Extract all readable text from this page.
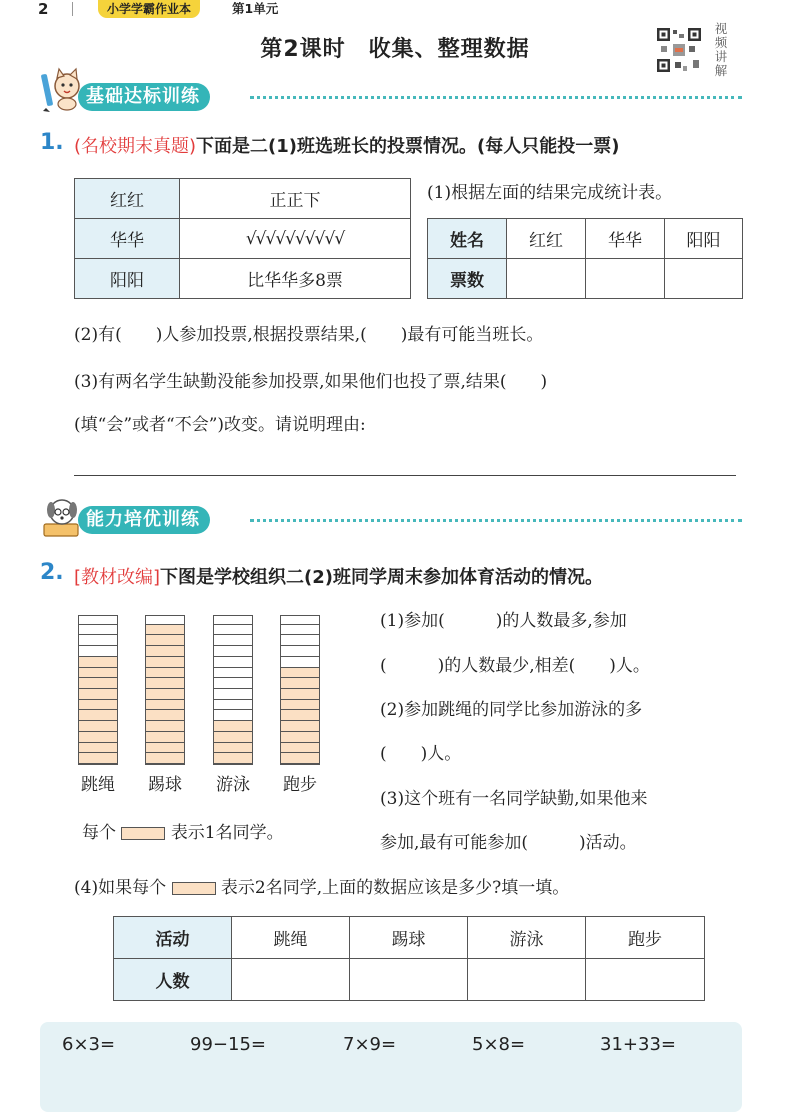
2	小学学霸作业本	第1单元
第2课时　收集、整理数据
视频讲解
基础达标训练
1. (名校期末真题)下面是二(1)班选班长的投票情况。(每人只能投一票)
红红	正正下
华华	√√√√√√√√√√
阳阳	比华华多8票
(1)根据左面的结果完成统计表。
姓名	红红	华华	阳阳
票数			
(2)有(　　)人参加投票,根据投票结果,(　　)最有可能当班长。
(3)有两名学生缺勤没能参加投票,如果他们也投了票,结果(　　)
(填“会”或者“不会”)改变。请说明理由:
能力培优训练
2. [教材改编]下图是学校组织二(2)班同学周末参加体育活动的情况。
跳绳 踢球 游泳 跑步
每个	表示1名同学。
(1)参加(　　　)的人数最多,参加
(　　　)的人数最少,相差(　　)人。
(2)参加跳绳的同学比参加游泳的多
(　　)人。
(3)这个班有一名同学缺勤,如果他来
参加,最有可能参加(　　　)活动。
(4)如果每个	表示2名同学,上面的数据应该是多少?填一填。
活动	跳绳	踢球	游泳	跑步
人数				
6×3=	99−15=	7×9=	5×8=	31+33=
